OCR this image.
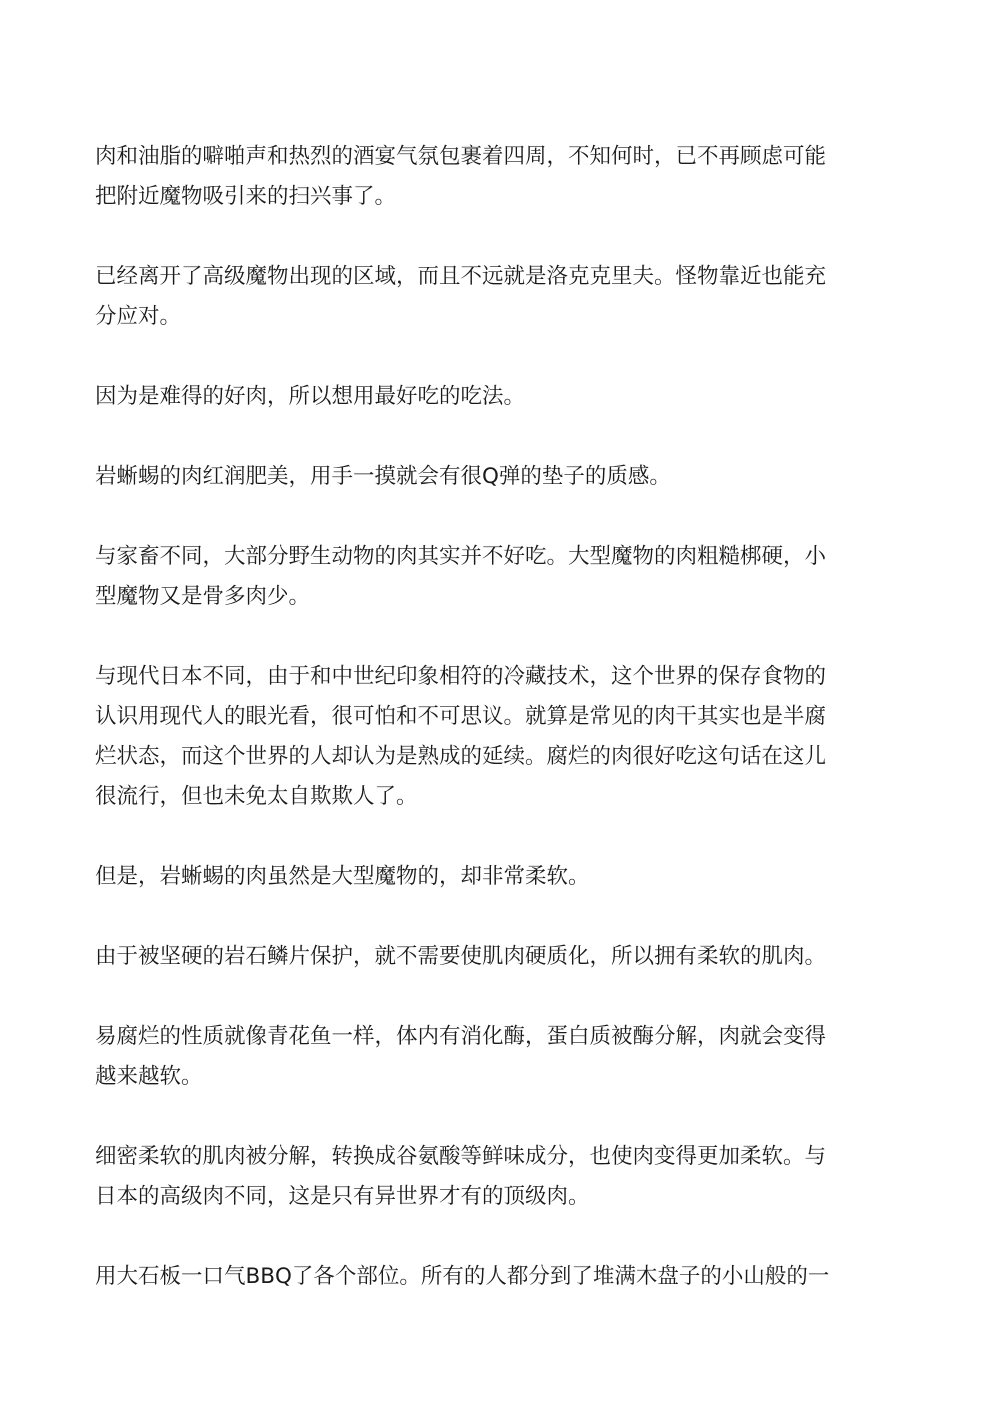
肉和油脂的噼啪声和热烈的酒宴气氛包裹着四周，不知何时，已不再顾虑可能
把附近魔物吸引来的扫兴事了。

已经离开了高级魔物出现的区域，而且不远就是洛克克里夫。怪物靠近也能充
分应对。

因为是难得的好肉，所以想用最好吃的吃法。

岩蜥蜴的肉红润肥美，用手一摸就会有很Q弹的垫子的质感。

与家畜不同，大部分野生动物的肉其实并不好吃。大型魔物的肉粗糙梆硬，小
型魔物又是骨多肉少。

与现代日本不同，由于和中世纪印象相符的冷藏技术，这个世界的保存食物的
认识用现代人的眼光看，很可怕和不可思议。就算是常见的肉干其实也是半腐
烂状态，而这个世界的人却认为是熟成的延续。腐烂的肉很好吃这句话在这儿
很流行，但也未免太自欺欺人了。

但是，岩蜥蜴的肉虽然是大型魔物的，却非常柔软。

由于被坚硬的岩石鳞片保护，就不需要使肌肉硬质化，所以拥有柔软的肌肉。

易腐烂的性质就像青花鱼一样，体内有消化酶，蛋白质被酶分解，肉就会变得
越来越软。

细密柔软的肌肉被分解，转换成谷氨酸等鲜味成分，也使肉变得更加柔软。与
日本的高级肉不同，这是只有异世界才有的顶级肉。

用大石板一口气BBQ了各个部位。所有的人都分到了堆满木盘子的小山般的一
